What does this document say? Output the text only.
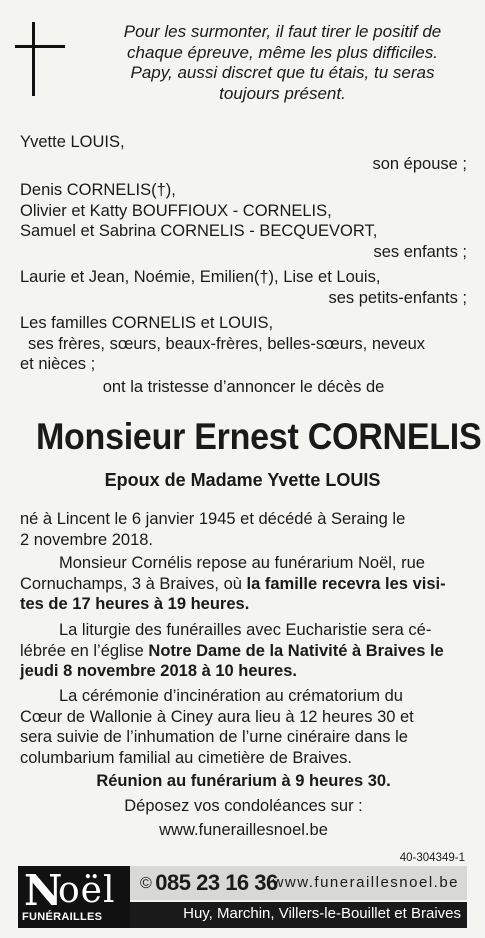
Pour les surmonter, il faut tirer le positif de
chaque épreuve, même les plus difficiles.
Papy, aussi discret que tu étais, tu seras
toujours présent.
Yvette LOUIS,
son épouse ;
Denis CORNELIS(†),
Olivier et Katty BOUFFIOUX - CORNELIS,
Samuel et Sabrina CORNELIS - BECQUEVORT,
ses enfants ;
Laurie et Jean, Noémie, Emilien(†), Lise et Louis,
ses petits-enfants ;
Les familles CORNELIS et LOUIS,
ses frères, sœurs, beaux-frères, belles-sœurs, neveux
et nièces ;
ont la tristesse d’annoncer le décès de
Monsieur Ernest CORNELIS
Epoux de Madame Yvette LOUIS
né à Lincent le 6 janvier 1945 et décédé à Seraing le
2 novembre 2018.
Monsieur Cornélis repose au funérarium Noël, rue
Cornuchamps, 3 à Braives, où la famille recevra les visi-
tes de 17 heures à 19 heures.
La liturgie des funérailles avec Eucharistie sera cé-
lébrée en l’église Notre Dame de la Nativité à Braives le
jeudi 8 novembre 2018 à 10 heures.
La cérémonie d’incinération au crématorium du
Cœur de Wallonie à Ciney aura lieu à 12 heures 30 et
sera suivie de l’inhumation de l’urne cinéraire dans le
columbarium familial au cimetière de Braives.
Réunion au funérarium à 9 heures 30.
Déposez vos condoléances sur :
www.funeraillesnoel.be
40-304349-1
N
oël
FUNÉRAILLES
© 085 23 16 36
www.funeraillesnoel.be
Huy, Marchin, Villers-le-Bouillet et Braives
